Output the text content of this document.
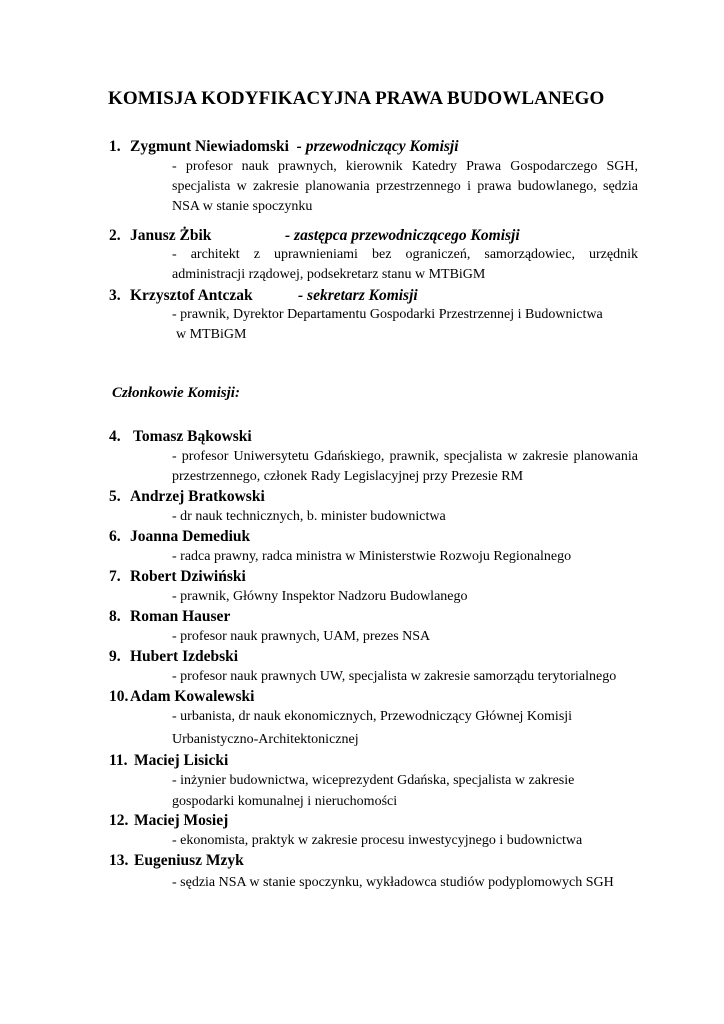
KOMISJA KODYFIKACYJNA PRAWA BUDOWLANEGO
1. Zygmunt Niewiadomski - przewodniczący Komisji
- profesor nauk prawnych, kierownik Katedry Prawa Gospodarczego SGH, specjalista w zakresie planowania przestrzennego i prawa budowlanego, sędzia NSA w stanie spoczynku
2. Janusz Żbik	- zastępca przewodniczącego Komisji
- architekt z uprawnieniami bez ograniczeń, samorządowiec, urzędnik administracji rządowej, podsekretarz stanu w MTBiGM
3. Krzysztof Antczak	- sekretarz Komisji
- prawnik, Dyrektor Departamentu Gospodarki Przestrzennej i Budownictwa
w MTBiGM
Członkowie Komisji:
4. Tomasz Bąkowski
- profesor Uniwersytetu Gdańskiego, prawnik, specjalista w zakresie planowania przestrzennego, członek Rady Legislacyjnej przy Prezesie RM
5. Andrzej Bratkowski
- dr nauk technicznych, b. minister budownictwa
6. Joanna Demediuk
- radca prawny, radca ministra w Ministerstwie Rozwoju Regionalnego
7. Robert Dziwiński
- prawnik, Główny Inspektor Nadzoru Budowlanego
8. Roman Hauser
- profesor nauk prawnych, UAM, prezes NSA
9. Hubert Izdebski
- profesor nauk prawnych UW, specjalista w zakresie samorządu terytorialnego
10. Adam Kowalewski
- urbanista, dr nauk ekonomicznych, Przewodniczący Głównej Komisji
Urbanistyczno-Architektonicznej
11. Maciej Lisicki
- inżynier budownictwa, wiceprezydent Gdańska, specjalista w zakresie
gospodarki komunalnej i nieruchomości
12. Maciej Mosiej
- ekonomista, praktyk w zakresie procesu inwestycyjnego i budownictwa
13. Eugeniusz Mzyk
- sędzia NSA w stanie spoczynku, wykładowca studiów podyplomowych SGH
